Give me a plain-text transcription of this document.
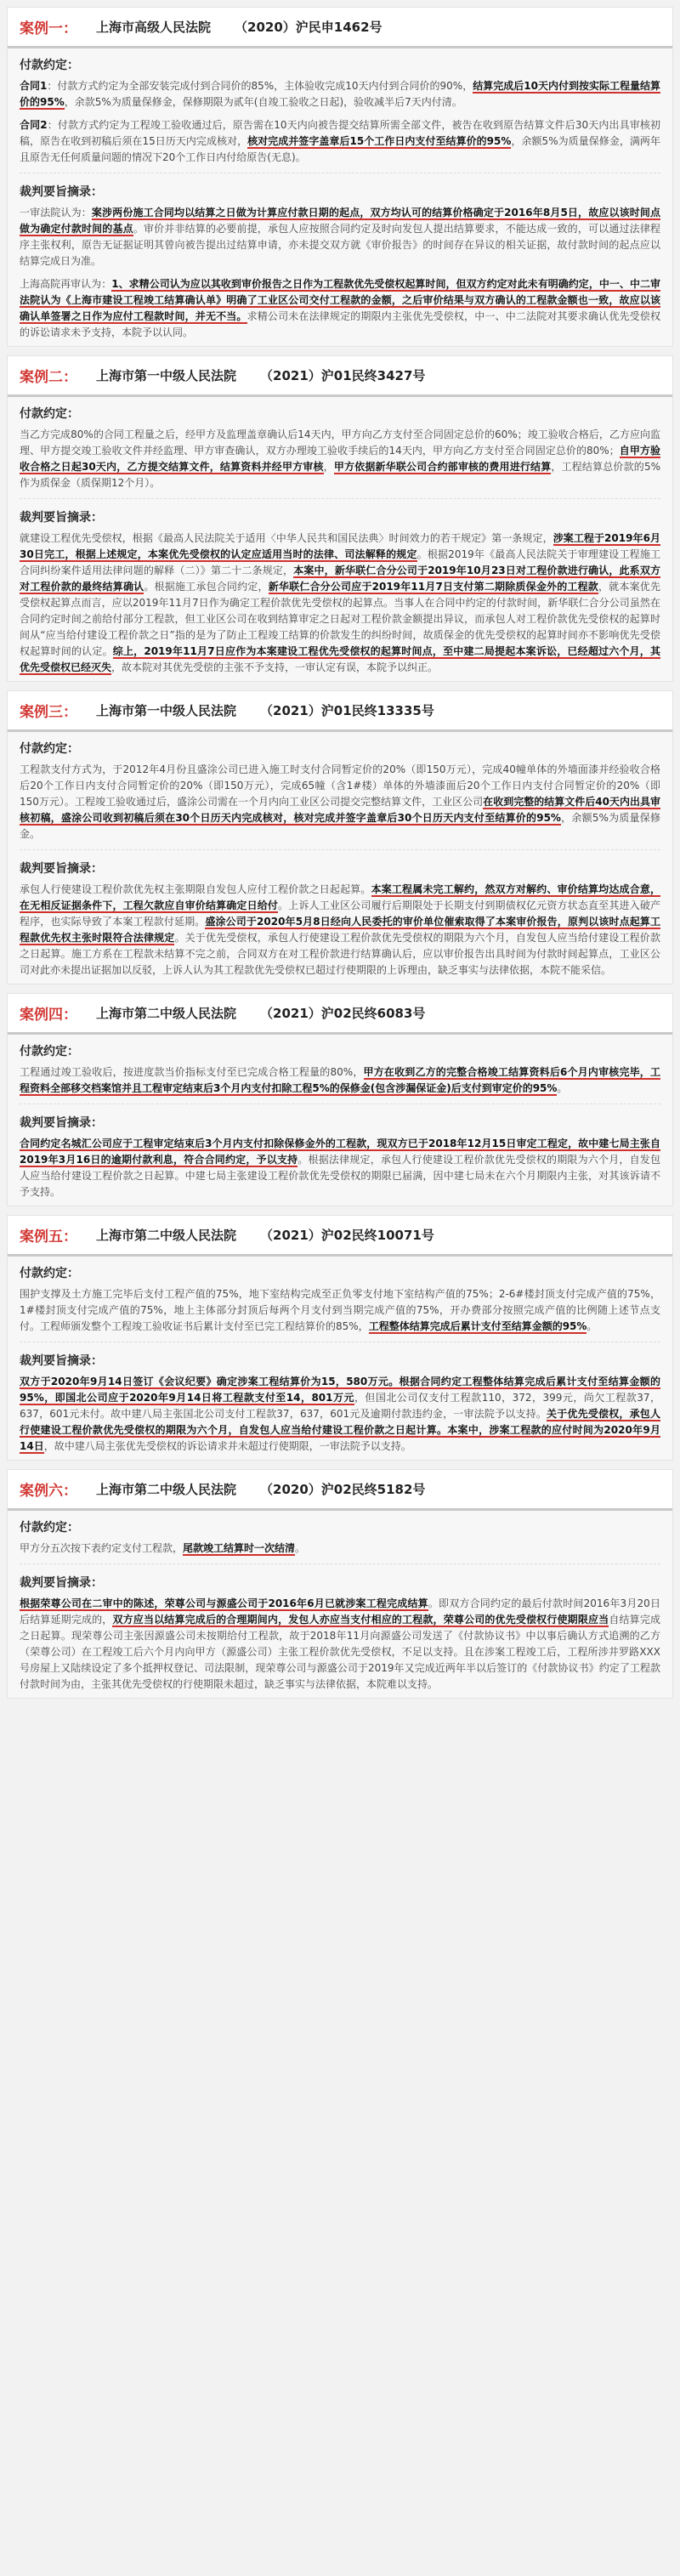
案例一： 上海市高级人民法院 （2020）沪民申1462号
付款约定：
合同1：付款方式约定为全部安装完成付到合同价的85%，主体验收完成10天内付到合同价的90%，结算完成后10天内付到按实际工程量结算价的95%，余款5%为质量保修金，保修期限为贰年(自竣工验收之日起)，验收减半后7天内付清。
合同2：付款方式约定为工程竣工验收通过后，原告需在10天内向被告提交结算所需全部文件，被告在收到原告结算文件后30天内出具审核初稿，原告在收到初稿后须在15日历天内完成核对，核对完成并签字盖章后15个工作日内支付至结算价的95%，余额5%为质量保修金，满两年且原告无任何质量问题的情况下20个工作日内付给原告(无息)。
裁判要旨摘录：
一审法院认为：案涉两份施工合同均以结算之日做为计算应付款日期的起点，双方均认可的结算价格确定于2016年8月5日，故应以该时间点做为确定付款时间的基点。审价并非结算的必要前提，承包人应按照合同约定及时向发包人提出结算要求，不能达成一致的，可以通过法律程序主张权利，原告无证据证明其曾向被告提出过结算申请，亦未提交双方就《审价报告》的时间存在异议的相关证据，故付款时间的起点应以结算完成日为准。
上海高院再审认为：1、求精公司认为应以其收到审价报告之日作为工程款优先受偿权起算时间，但双方约定对此未有明确约定，中一、中二审法院认为《上海市建设工程竣工结算确认单》明确了工业区公司交付工程款的金额，之后审价结果与双方确认的工程款金额也一致，故应以该确认单签署之日作为应付工程款时间，并无不当。求精公司未在法律规定的期限内主张优先受偿权，中一、中二法院对其要求确认优先受偿权的诉讼请求未予支持，本院予以认同。
案例二： 上海市第一中级人民法院 （2021）沪01民终3427号
付款约定：
当乙方完成80%的合同工程量之后，经甲方及监理盖章确认后14天内，甲方向乙方支付至合同固定总价的60%；竣工验收合格后，乙方应向监理、甲方提交竣工验收文件并经监理、甲方审查确认，双方办理竣工验收手续后的14天内，甲方向乙方支付至合同固定总价的80%；自甲方验收合格之日起30天内，乙方提交结算文件，结算资料并经甲方审核，甲方依据新华联公司合约部审核的费用进行结算，工程结算总价款的5%作为质保金（质保期12个月）。
裁判要旨摘录：
就建设工程优先受偿权，根据《最高人民法院关于适用〈中华人民共和国民法典〉时间效力的若干规定》第一条规定，涉案工程于2019年6月30日完工，根据上述规定，本案优先受偿权的认定应适用当时的法律、司法解释的规定。根据2019年《最高人民法院关于审理建设工程施工合同纠纷案件适用法律问题的解释（二）》第二十二条规定，本案中，新华联仁合分公司于2019年10月23日对工程价款进行确认，此系双方对工程价款的最终结算确认。根据施工承包合同约定，新华联仁合分公司应于2019年11月7日支付第二期除质保金外的工程款，就本案优先受偿权起算点而言，应以2019年11月7日作为确定工程价款优先受偿权的起算点。当事人在合同中约定的付款时间，新华联仁合分公司虽然在合同约定时间之前给付部分工程款，但工业区公司在收到结算审定之日起对工程价款金额提出异议，而承包人对工程价款优先受偿权的起算时间从“应当给付建设工程价款之日”指的是为了防止工程竣工结算的价款发生的纠纷时间，故质保金的优先受偿权的起算时间亦不影响优先受偿权起算时间的认定。综上，2019年11月7日应作为本案建设工程优先受偿权的起算时间点，至中建二局提起本案诉讼，已经超过六个月，其优先受偿权已经灭失，故本院对其优先受偿的主张不予支持，一审认定有误，本院予以纠正。
案例三： 上海市第一中级人民法院 （2021）沪01民终13335号
付款约定：
工程款支付方式为，于2012年4月份且盛涂公司已进入施工时支付合同暂定价的20%（即150万元），完成40幢单体的外墙面漆并经验收合格后20个工作日内支付合同暂定价的20%（即150万元），完成65幢（含1#楼）单体的外墙漆面后20个工作日内支付合同暂定价的20%（即150万元）。工程竣工验收通过后，盛涂公司需在一个月内向工业区公司提交完整结算文件，工业区公司在收到完整的结算文件后40天内出具审核初稿，盛涂公司收到初稿后须在30个日历天内完成核对，核对完成并签字盖章后30个日历天内支付至结算价的95%，余额5%为质量保修金。
裁判要旨摘录：
承包人行使建设工程价款优先权主张期限自发包人应付工程价款之日起起算。本案工程属未完工解约，然双方对解约、审价结算均达成合意，在无相反证据条件下，工程欠款应自审价结算确定日给付。上诉人工业区公司履行后期限处于长期支付到期债权亿元资方状态直至其进入破产程序，也实际导致了本案工程款付延期。盛涂公司于2020年5月8日经向人民委托的审价单位催索取得了本案审价报告，原判以该时点起算工程款优先权主张时限符合法律规定。关于优先受偿权，承包人行使建设工程价款优先受偿权的期限为六个月，自发包人应当给付建设工程价款之日起算。施工方系在工程款未结算不完之前，合同双方在对工程价款进行结算确认后，应以审价报告出具时间为付款时间起算点，工业区公司对此亦未提出证据加以反驳，上诉人认为其工程款优先受偿权已超过行使期限的上诉理由，缺乏事实与法律依据，本院不能采信。
案例四： 上海市第二中级人民法院 （2021）沪02民终6083号
付款约定：
工程通过竣工验收后，按进度款当价指标支付至已完成合格工程量的80%，甲方在收到乙方的完整合格竣工结算资料后6个月内审核完毕，工程资料全部移交档案馆并且工程审定结束后3个月内支付扣除工程5%的保修金(包含涉漏保证金)后支付到审定价的95%。
裁判要旨摘录：
合同约定名城汇公司应于工程审定结束后3个月内支付扣除保修金外的工程款，现双方已于2018年12月15日审定工程定，故中建七局主张自2019年3月16日的逾期付款利息，符合合同约定，予以支持。根据法律规定，承包人行使建设工程价款优先受偿权的期限为六个月，自发包人应当给付建设工程价款之日起算。中建七局主张建设工程价款优先受偿权的期限已届满，因中建七局未在六个月期限内主张，对其该诉请不予支持。
案例五： 上海市第二中级人民法院 （2021）沪02民终10071号
付款约定：
围护支撑及土方施工完毕后支付工程产值的75%，地下室结构完成至正负零支付地下室结构产值的75%；2-6#楼封顶支付完成产值的75%，1#楼封顶支付完成产值的75%，地上主体部分封顶后每两个月支付到当期完成产值的75%，开办费部分按照完成产值的比例随上述节点支付。工程师颁发整个工程竣工验收证书后累计支付至已完工程结算价的85%，工程整体结算完成后累计支付至结算金额的95%。
裁判要旨摘录：
双方于2020年9月14日签订《会议纪要》确定涉案工程结算价为15，580万元。根据合同约定工程整体结算完成后累计支付至结算金额的95%，即国北公司应于2020年9月14日将工程款支付至14，801万元，但国北公司仅支付工程款110，372，399元，尚欠工程款37，637，601元未付。故中建八局主张国北公司支付工程款37，637，601元及逾期付款违约金，一审法院予以支持。关于优先受偿权，承包人行使建设工程价款优先受偿权的期限为六个月，自发包人应当给付建设工程价款之日起计算。本案中，涉案工程款的应付时间为2020年9月14日，故中建八局主张优先受偿权的诉讼请求并未超过行使期限，一审法院予以支持。
案例六： 上海市第二中级人民法院 （2020）沪02民终5182号
付款约定：
甲方分五次按下表约定支付工程款，尾款竣工结算时一次结清。
裁判要旨摘录：
根据荣尊公司在二审中的陈述，荣尊公司与源盛公司于2016年6月已就涉案工程完成结算。即双方合同约定的最后付款时间2016年3月20日后结算延期完成的，双方应当以结算完成后的合理期间内，发包人亦应当支付相应的工程款，荣尊公司的优先受偿权行使期限应当自结算完成之日起算。现荣尊公司主张因源盛公司未按期给付工程款，故于2018年11月向源盛公司发送了《付款协议书》中以事后确认方式追溯的乙方（荣尊公司）在工程竣工后六个月内向甲方（源盛公司）主张工程价款优先受偿权，不足以支持。且在涉案工程竣工后，工程所涉井罗路XXX号房屋上又陆续设定了多个抵押权登记、司法限制，现荣尊公司与源盛公司于2019年又完成近两年半以后签订的《付款协议书》约定了工程款付款时间为由，主张其优先受偿权的行使期限未超过，缺乏事实与法律依据，本院难以支持。
